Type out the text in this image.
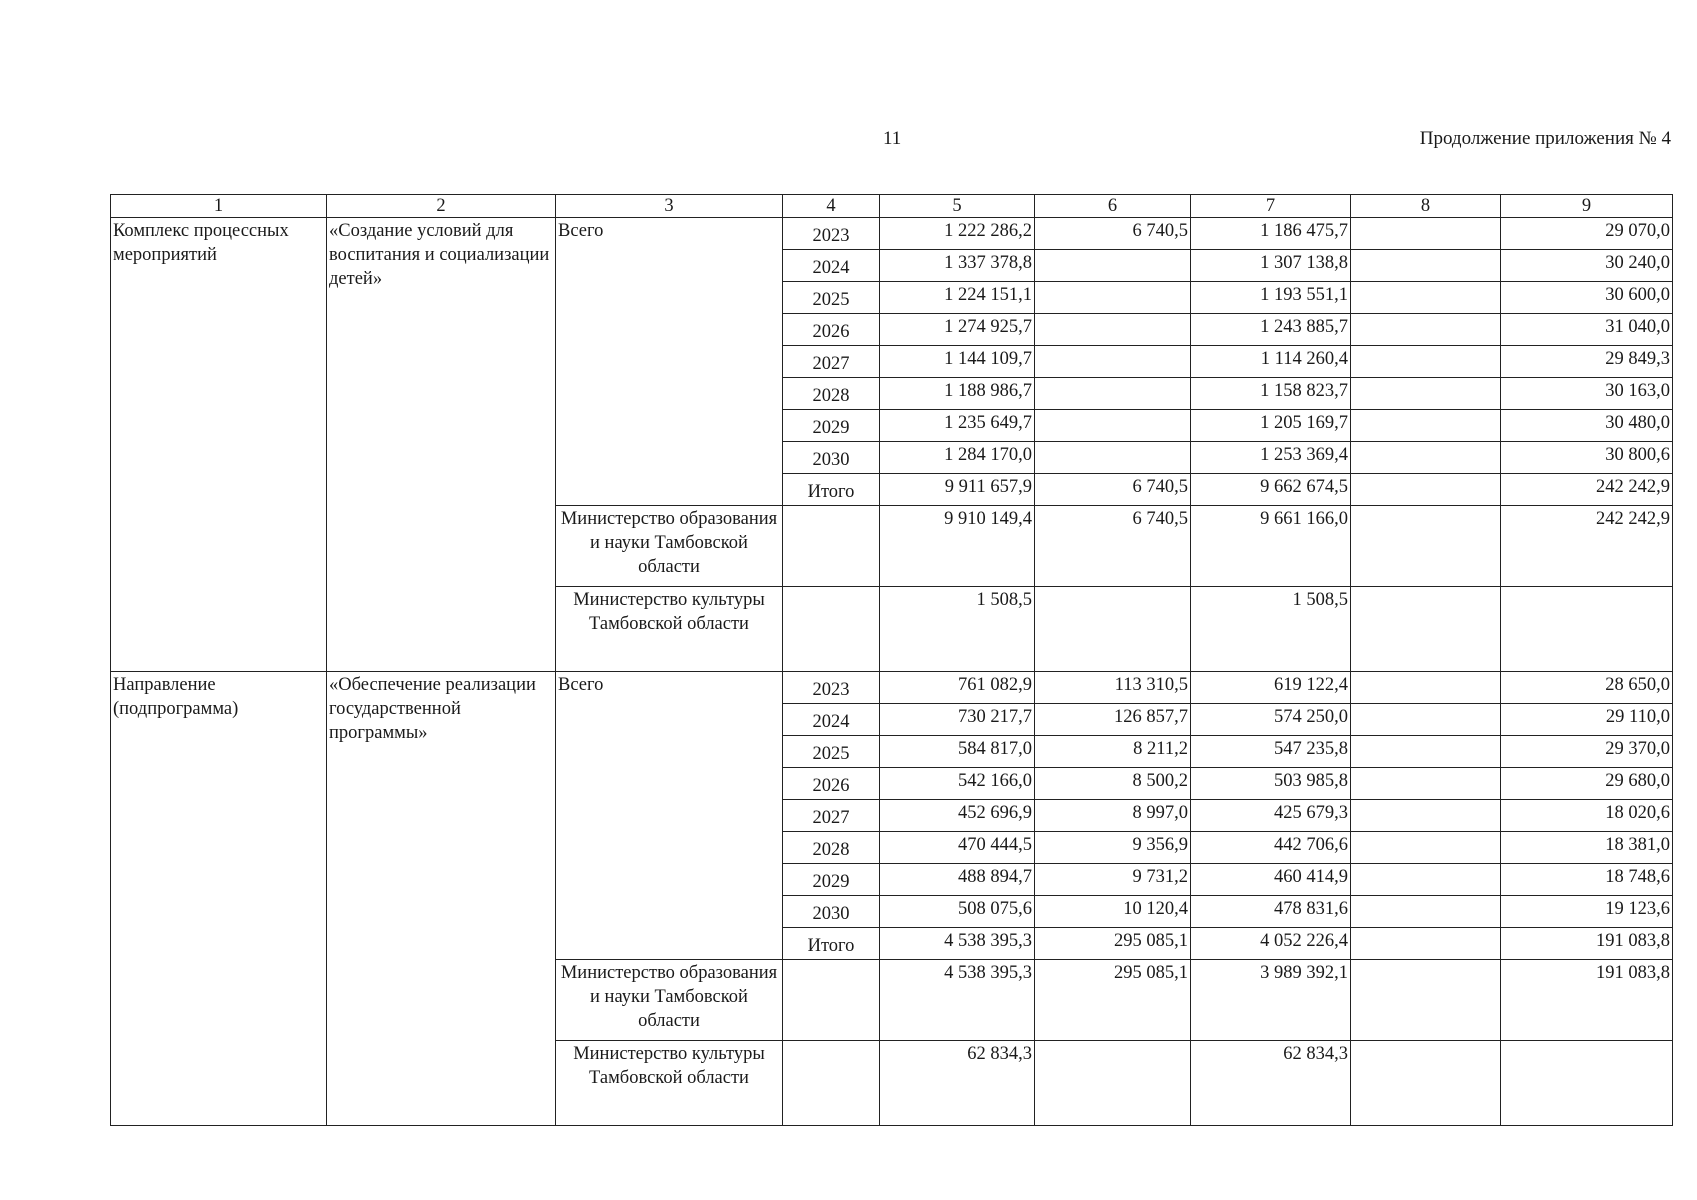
11	Продолжение приложения № 4
1	2	3	4	5	6	7	8	9
Комплекс процессных мероприятий	«Создание условий для воспитания и социализации детей»	Всего	2023	1 222 286,2	6 740,5	1 186 475,7		29 070,0
			2024	1 337 378,8		1 307 138,8		30 240,0
			2025	1 224 151,1		1 193 551,1		30 600,0
			2026	1 274 925,7		1 243 885,7		31 040,0
			2027	1 144 109,7		1 114 260,4		29 849,3
			2028	1 188 986,7		1 158 823,7		30 163,0
			2029	1 235 649,7		1 205 169,7		30 480,0
			2030	1 284 170,0		1 253 369,4		30 800,6
			Итого	9 911 657,9	6 740,5	9 662 674,5		242 242,9
		Министерство образования и науки Тамбовской области		9 910 149,4	6 740,5	9 661 166,0		242 242,9
		Министерство культуры Тамбовской области		1 508,5		1 508,5		
Направление (подпрограмма)	«Обеспечение реализации государственной программы»	Всего	2023	761 082,9	113 310,5	619 122,4		28 650,0
			2024	730 217,7	126 857,7	574 250,0		29 110,0
			2025	584 817,0	8 211,2	547 235,8		29 370,0
			2026	542 166,0	8 500,2	503 985,8		29 680,0
			2027	452 696,9	8 997,0	425 679,3		18 020,6
			2028	470 444,5	9 356,9	442 706,6		18 381,0
			2029	488 894,7	9 731,2	460 414,9		18 748,6
			2030	508 075,6	10 120,4	478 831,6		19 123,6
			Итого	4 538 395,3	295 085,1	4 052 226,4		191 083,8
		Министерство образования и науки Тамбовской области		4 538 395,3	295 085,1	3 989 392,1		191 083,8
		Министерство культуры Тамбовской области		62 834,3		62 834,3		
